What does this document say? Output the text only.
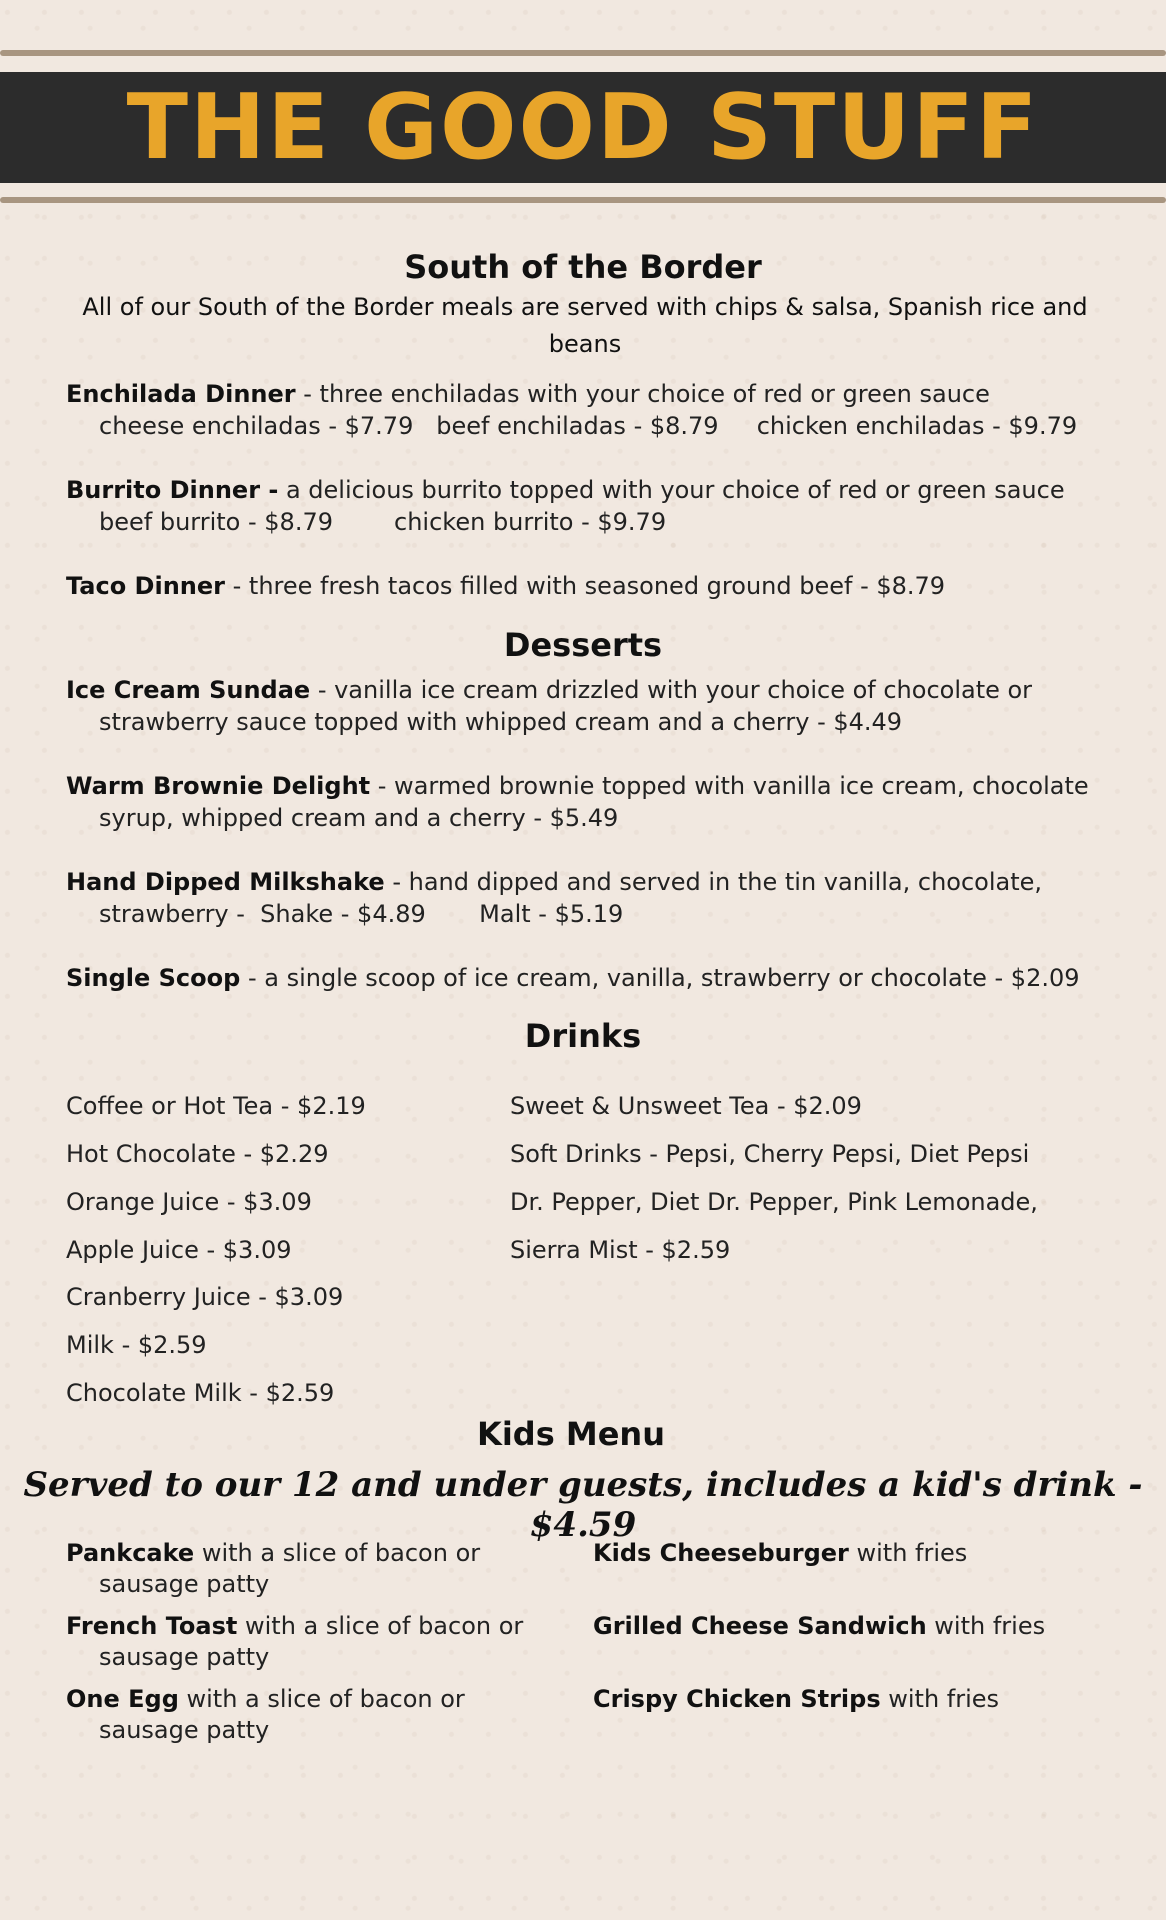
THE GOOD STUFF
South of the Border
All of our South of the Border meals are served with chips & salsa, Spanish rice and beans
Enchilada Dinner - three enchiladas with your choice of red or green sauce
cheese enchiladas - $7.79   beef enchiladas - $8.79     chicken enchiladas - $9.79
Burrito Dinner - a delicious burrito topped with your choice of red or green sauce
beef burrito - $8.79        chicken burrito - $9.79
Taco Dinner - three fresh tacos filled with seasoned ground beef - $8.79
Desserts
Ice Cream Sundae - vanilla ice cream drizzled with your choice of chocolate or
strawberry sauce topped with whipped cream and a cherry - $4.49
Warm Brownie Delight - warmed brownie topped with vanilla ice cream, chocolate
syrup, whipped cream and a cherry - $5.49
Hand Dipped Milkshake - hand dipped and served in the tin vanilla, chocolate,
strawberry -  Shake - $4.89       Malt - $5.19
Single Scoop - a single scoop of ice cream, vanilla, strawberry or chocolate - $2.09
Drinks
Coffee or Hot Tea - $2.19
Hot Chocolate - $2.29
Orange Juice - $3.09
Apple Juice - $3.09
Cranberry Juice - $3.09
Milk - $2.59
Chocolate Milk - $2.59
Sweet & Unsweet Tea - $2.09
Soft Drinks - Pepsi, Cherry Pepsi, Diet Pepsi
Dr. Pepper, Diet Dr. Pepper, Pink Lemonade,
Sierra Mist - $2.59
Kids Menu
Served to our 12 and under guests, includes a kid's drink - $4.59
Pankcake with a slice of bacon or
sausage patty
French Toast with a slice of bacon or
sausage patty
One Egg with a slice of bacon or
sausage patty
Kids Cheeseburger with fries
Grilled Cheese Sandwich with fries
Crispy Chicken Strips with fries
